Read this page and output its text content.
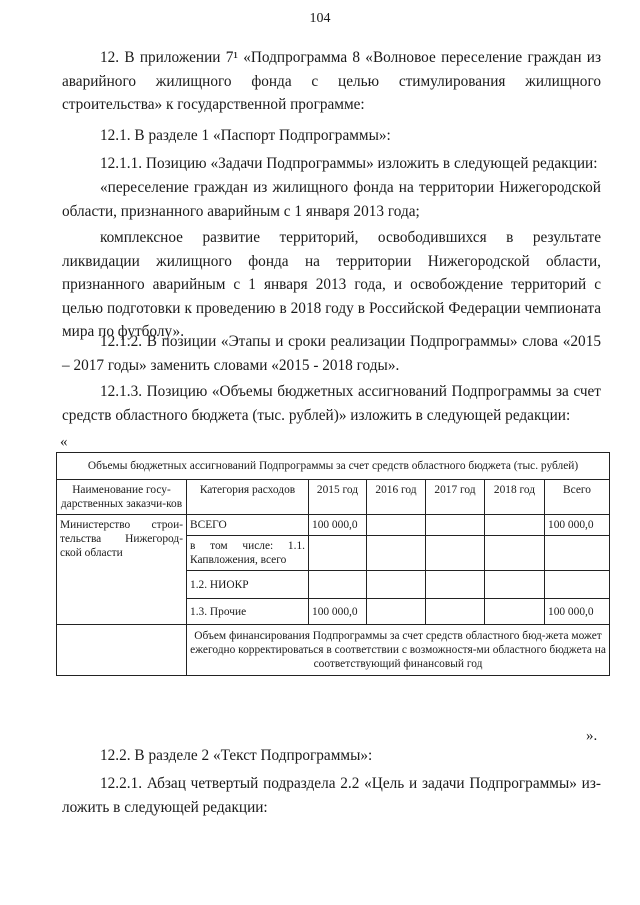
104
12. В приложении 7¹ «Подпрограмма 8 «Волновое переселение граждан из аварийного жилищного фонда с целью стимулирования жилищного строительства» к государственной программе:
12.1. В разделе 1 «Паспорт Подпрограммы»:
12.1.1. Позицию «Задачи Подпрограммы» изложить в следующей редакции:
«переселение граждан из жилищного фонда на территории Нижегородской области, признанного аварийным с 1 января 2013 года;
комплексное развитие территорий, освободившихся в результате ликвидации жилищного фонда на территории Нижегородской области, признанного аварийным с 1 января 2013 года, и освобождение территорий с целью подготовки к проведению в 2018 году в Российской Федерации чемпионата мира по футболу».
12.1.2. В позиции «Этапы и сроки реализации Подпрограммы» слова «2015 – 2017 годы» заменить словами «2015 - 2018 годы».
12.1.3. Позицию «Объемы бюджетных ассигнований Подпрограммы за счет средств областного бюджета (тыс. рублей)» изложить в следующей редакции:
«
Объемы бюджетных ассигнований Подпрограммы за счет средств областного бюджета (тыс. рублей)						
Наименование госу-дарственных заказчи-ков	Категория расходов	2015 год	2016 год	2017 год	2018 год	Всего
Министерство строи-тельства Нижегород-ской области	ВСЕГО	100 000,0				100 000,0
	в том числе: 1.1. Капвложения, всего					
	1.2. НИОКР					
	1.3. Прочие	100 000,0				100 000,0
	Объем финансирования Подпрограммы за счет средств областного бюд-жета может ежегодно корректироваться в соответствии с возможностя-ми областного бюджета на соответствующий финансовый год					
».
12.2. В разделе 2 «Текст Подпрограммы»:
12.2.1. Абзац четвертый подраздела 2.2 «Цель и задачи Подпрограммы» из-ложить в следующей редакции:
